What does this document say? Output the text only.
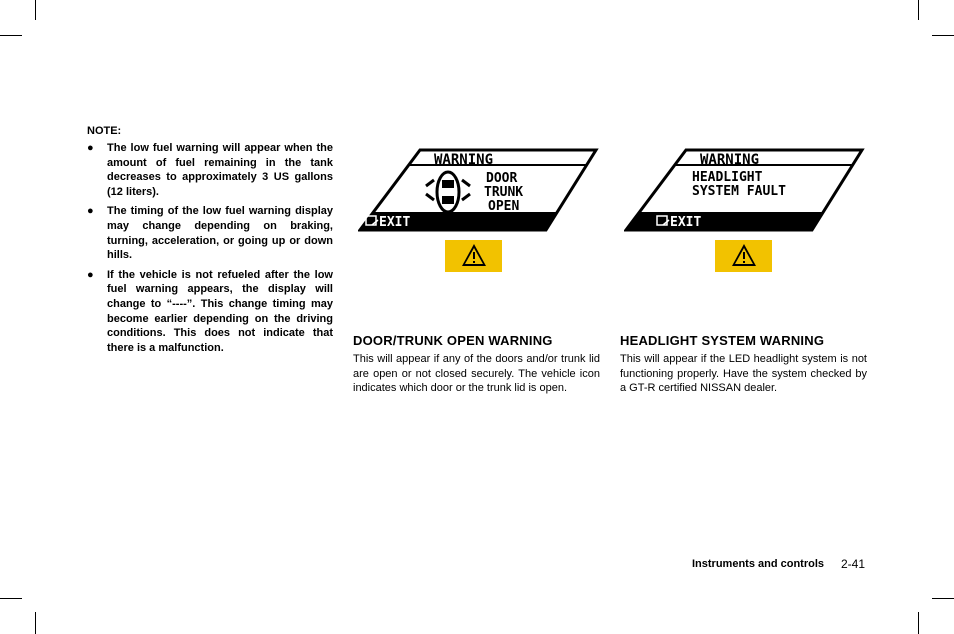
NOTE:
● The low fuel warning will appear when the amount of fuel remaining in the tank decreases to approximately 3 US gallons (12 liters).
● The timing of the low fuel warning display may change depending on braking, turning, acceleration, or going up or down hills.
● If the vehicle is not refueled after the low fuel warning appears, the display will change to “----”. This change timing may become earlier depending on the driving conditions. This does not indicate that there is a malfunction.
WARNING
EXIT
DOOR
TRUNK
OPEN
DOOR/TRUNK OPEN WARNING
This will appear if any of the doors and/or trunk lid are open or not closed securely. The vehicle icon indicates which door or the trunk lid is open.
WARNING
EXIT
HEADLIGHT
SYSTEM FAULT
HEADLIGHT SYSTEM WARNING
This will appear if the LED headlight system is not functioning properly. Have the system checked by a GT-R certified NISSAN dealer.
Instruments and controls 2-41
